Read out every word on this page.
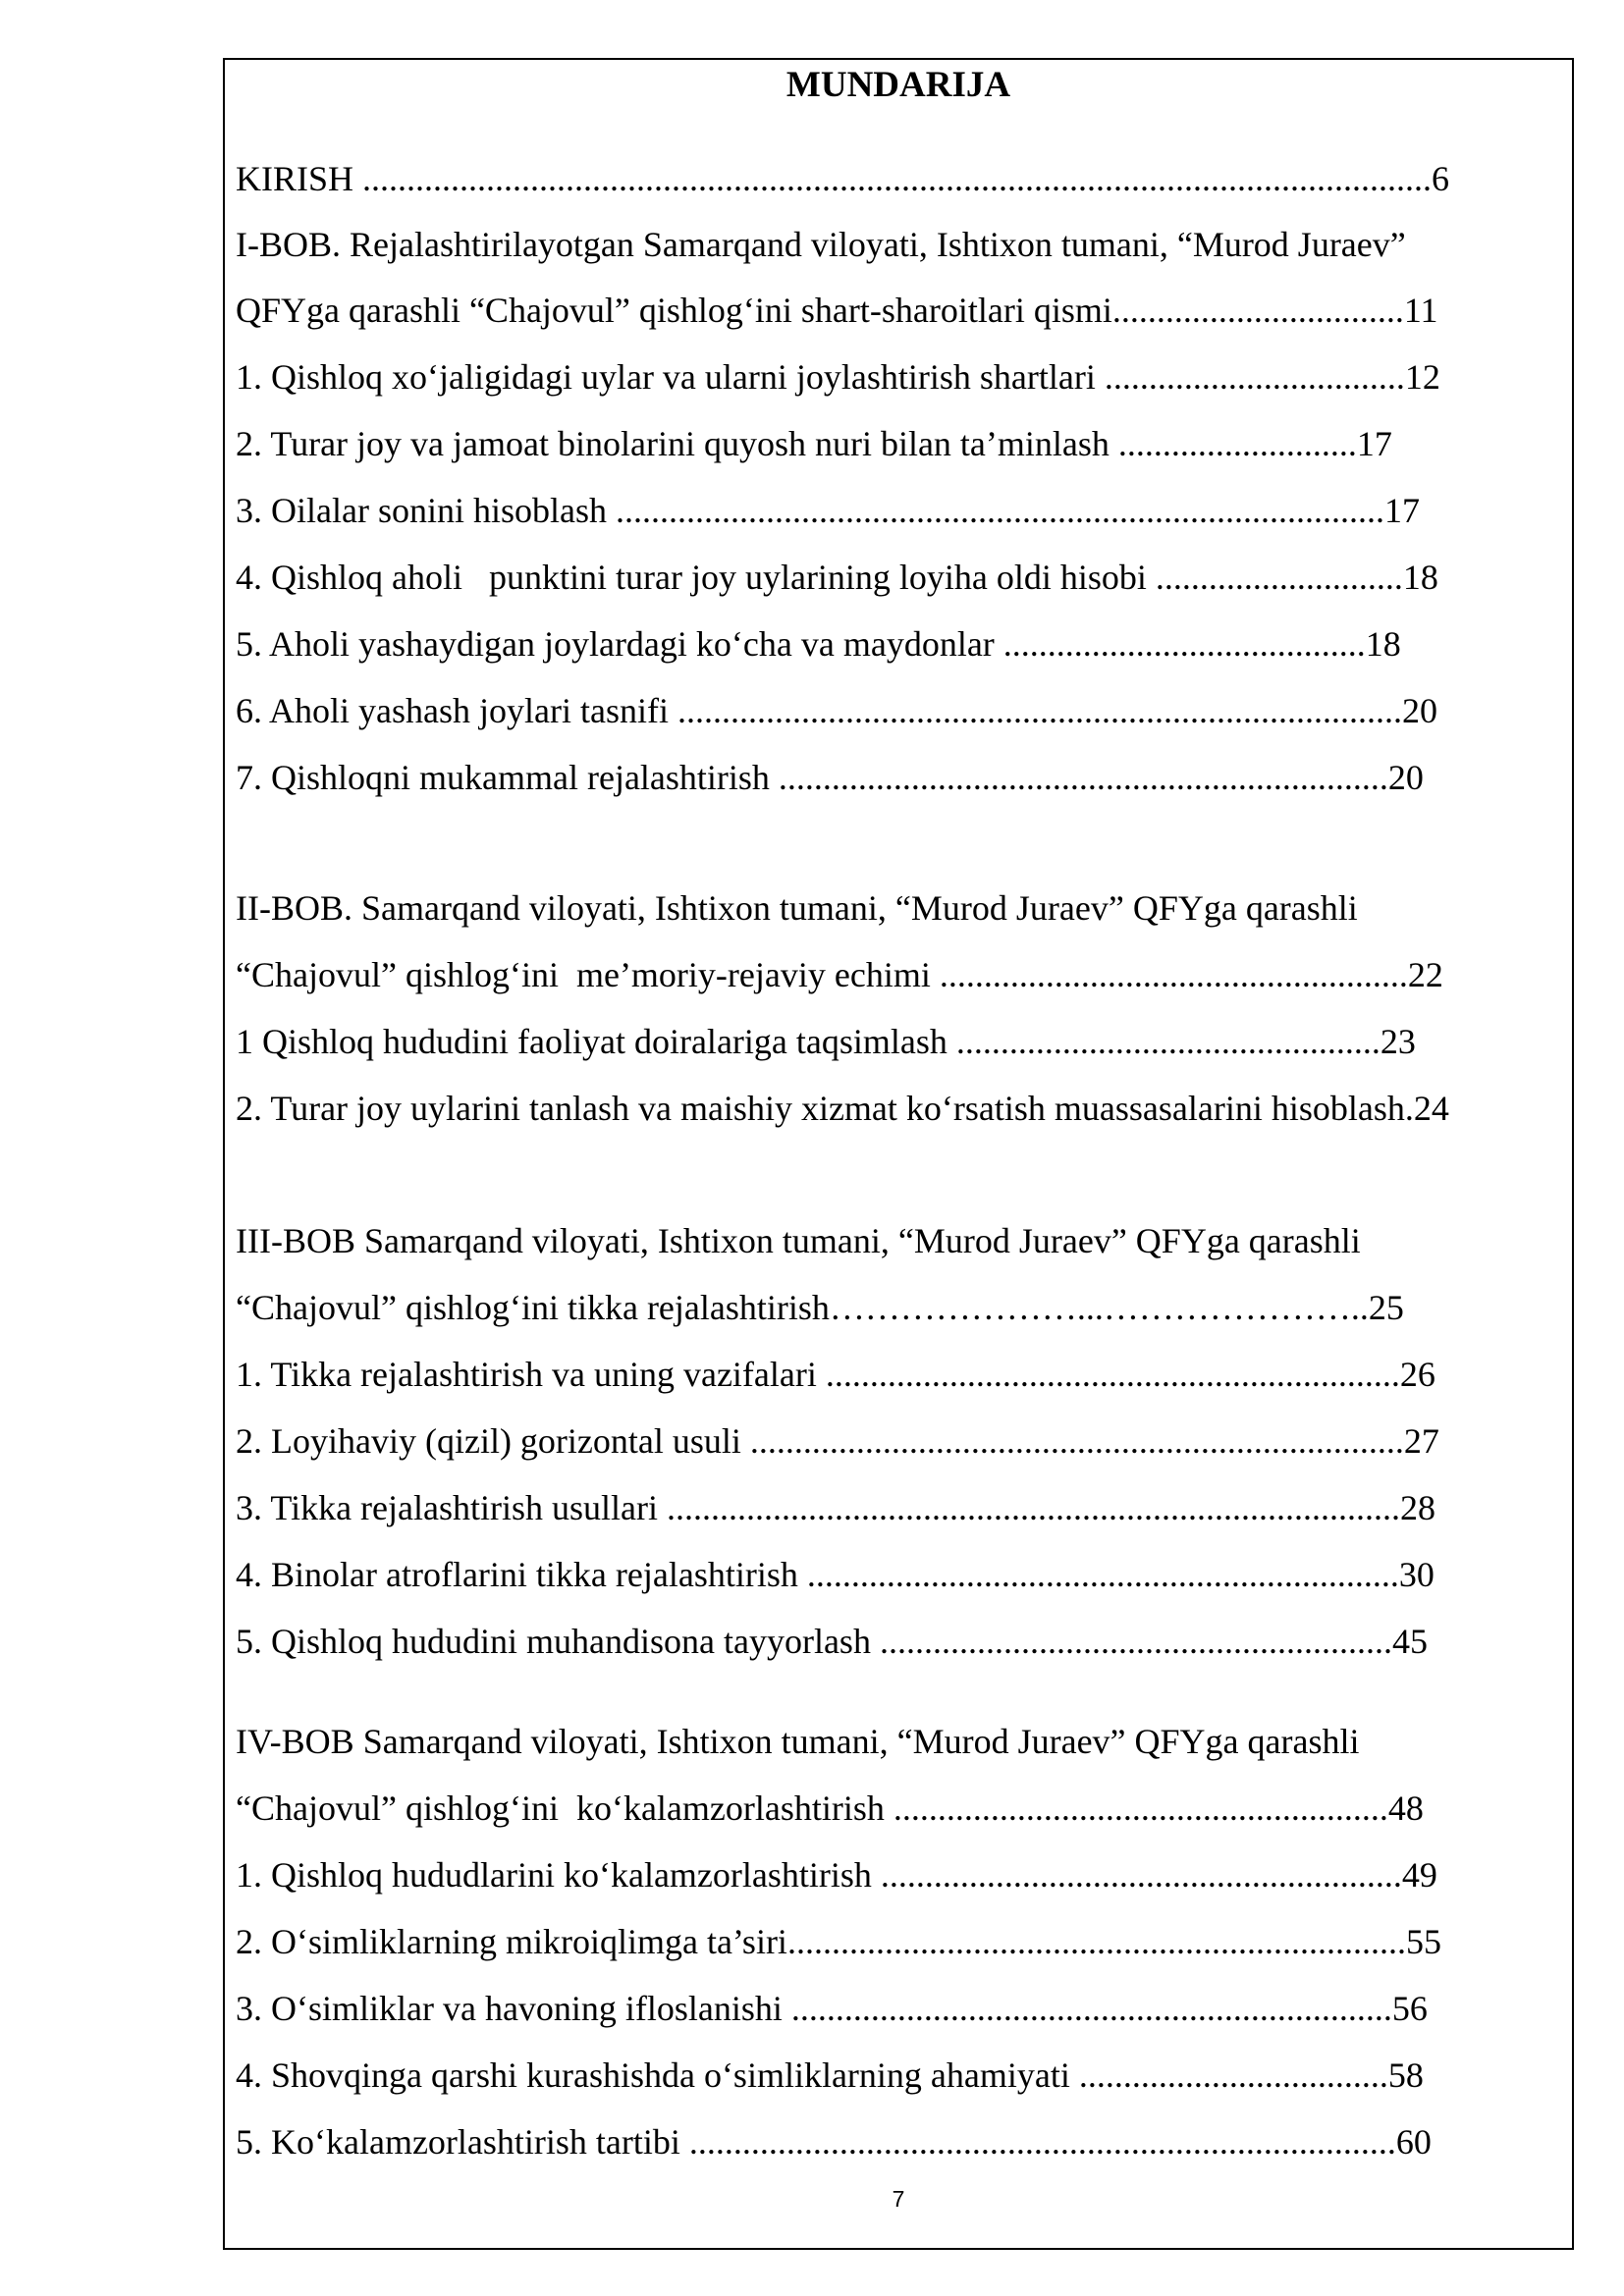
MUNDARIJA
KIRISH .........................................................................................................................6
I-BOB. Rejalashtirilayotgan Samarqand viloyati, Ishtixon tumani, “Murod Juraev”
QFYga qarashli “Chajovul” qishlog‘ini shart-sharoitlari qismi.................................11
1. Qishloq xo‘jaligidagi uylar va ularni joylashtirish shartlari ..................................12
2. Turar joy va jamoat binolarini quyosh nuri bilan ta’minlash ...........................17
3. Oilalar sonini hisoblash .......................................................................................17
4. Qishloq aholi   punktini turar joy uylarining loyiha oldi hisobi ............................18
5. Aholi yashaydigan joylardagi ko‘cha va maydonlar .........................................18
6. Aholi yashash joylari tasnifi ..................................................................................20
7. Qishloqni mukammal rejalashtirish .....................................................................20
II-BOB. Samarqand viloyati, Ishtixon tumani, “Murod Juraev” QFYga qarashli
“Chajovul” qishlog‘ini  me’moriy-rejaviy echimi .....................................................22
1 Qishloq hududini faoliyat doiralariga taqsimlash ................................................23
2. Turar joy uylarini tanlash va maishiy xizmat ko‘rsatish muassasalarini hisoblash.24
III-BOB Samarqand viloyati, Ishtixon tumani, “Murod Juraev” QFYga qarashli
“Chajovul” qishlog‘ini tikka rejalashtirish…………………...…………………..25
1. Tikka rejalashtirish va uning vazifalari .................................................................26
2. Loyihaviy (qizil) gorizontal usuli ..........................................................................27
3. Tikka rejalashtirish usullari ...................................................................................28
4. Binolar atroflarini tikka rejalashtirish ...................................................................30
5. Qishloq hududini muhandisona tayyorlash ..........................................................45
IV-BOB Samarqand viloyati, Ishtixon tumani, “Murod Juraev” QFYga qarashli
“Chajovul” qishlog‘ini  ko‘kalamzorlashtirish ........................................................48
1. Qishloq hududlarini ko‘kalamzorlashtirish ...........................................................49
2. O‘simliklarning mikroiqlimga ta’siri......................................................................55
3. O‘simliklar va havoning ifloslanishi ....................................................................56
4. Shovqinga qarshi kurashishda o‘simliklarning ahamiyati ...................................58
5. Ko‘kalamzorlashtirish tartibi ................................................................................60
7
